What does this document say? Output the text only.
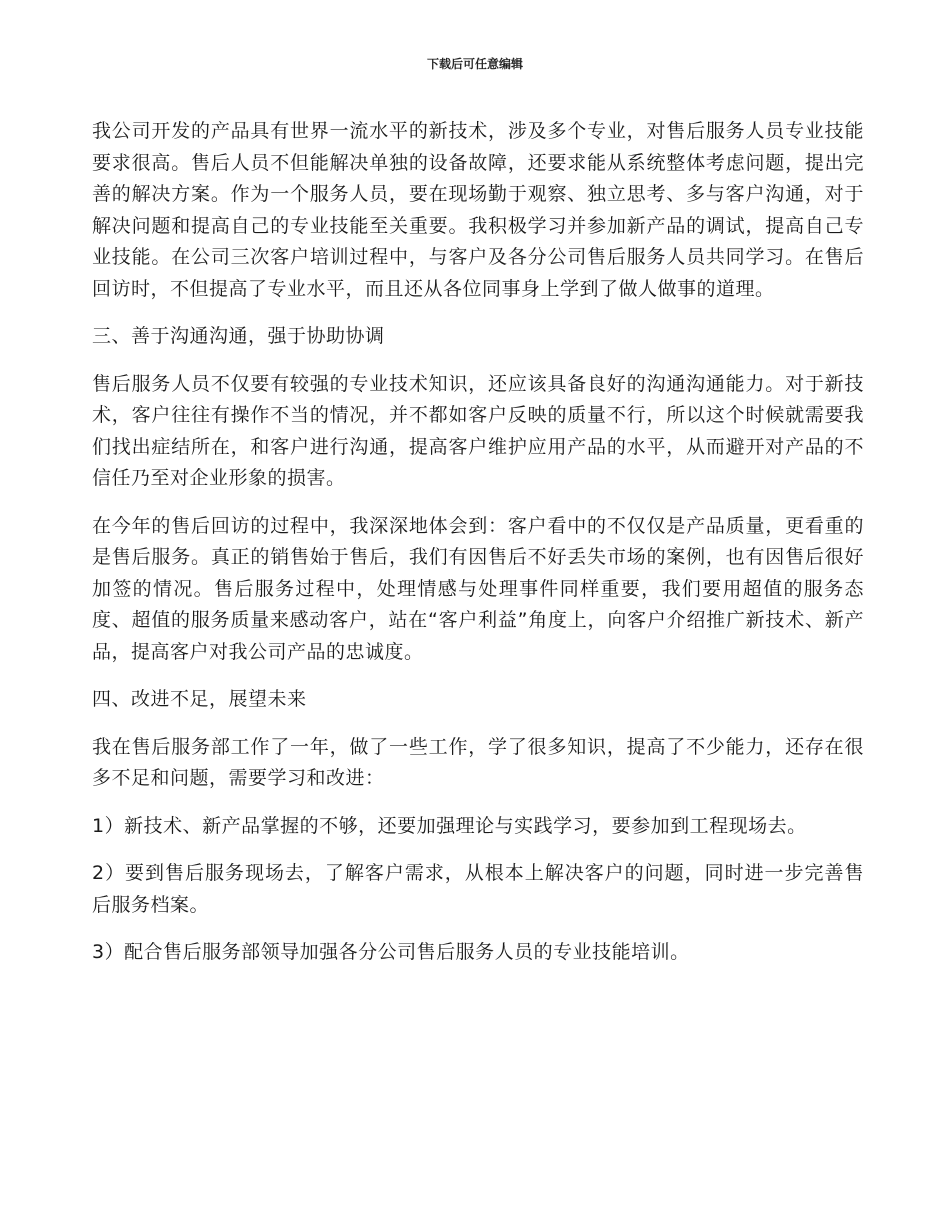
下载后可任意编辑

我公司开发的产品具有世界一流水平的新技术，涉及多个专业，对售后服务人员专业技能要求很高。售后人员不但能解决单独的设备故障，还要求能从系统整体考虑问题，提出完善的解决方案。作为一个服务人员，要在现场勤于观察、独立思考、多与客户沟通，对于解决问题和提高自己的专业技能至关重要。我积极学习并参加新产品的调试，提高自己专业技能。在公司三次客户培训过程中，与客户及各分公司售后服务人员共同学习。在售后回访时，不但提高了专业水平，而且还从各位同事身上学到了做人做事的道理。

三、善于沟通沟通，强于协助协调

售后服务人员不仅要有较强的专业技术知识，还应该具备良好的沟通沟通能力。对于新技术，客户往往有操作不当的情况，并不都如客户反映的质量不行，所以这个时候就需要我们找出症结所在，和客户进行沟通，提高客户维护应用产品的水平，从而避开对产品的不信任乃至对企业形象的损害。

在今年的售后回访的过程中，我深深地体会到：客户看中的不仅仅是产品质量，更看重的是售后服务。真正的销售始于售后，我们有因售后不好丢失市场的案例，也有因售后很好加签的情况。售后服务过程中，处理情感与处理事件同样重要，我们要用超值的服务态度、超值的服务质量来感动客户，站在“客户利益”角度上，向客户介绍推广新技术、新产品，提高客户对我公司产品的忠诚度。

四、改进不足，展望未来

我在售后服务部工作了一年，做了一些工作，学了很多知识，提高了不少能力，还存在很多不足和问题，需要学习和改进：

1）新技术、新产品掌握的不够，还要加强理论与实践学习，要参加到工程现场去。

2）要到售后服务现场去，了解客户需求，从根本上解决客户的问题，同时进一步完善售后服务档案。

3）配合售后服务部领导加强各分公司售后服务人员的专业技能培训。
